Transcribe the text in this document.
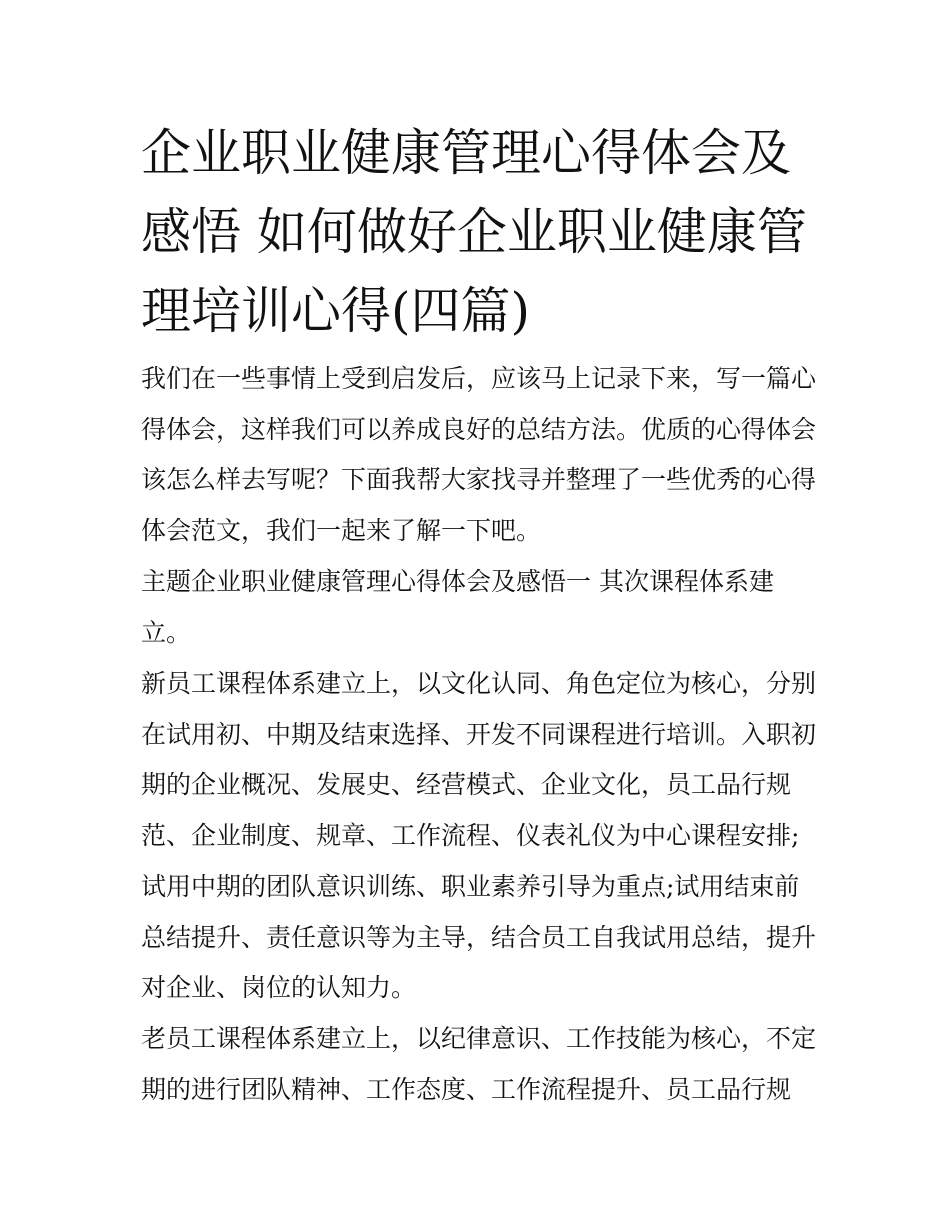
企业职业健康管理心得体会及感悟 如何做好企业职业健康管理培训心得(四篇)

我们在一些事情上受到启发后，应该马上记录下来，写一篇心

得体会，这样我们可以养成良好的总结方法。优质的心得体会

该怎么样去写呢？下面我帮大家找寻并整理了一些优秀的心得

体会范文，我们一起来了解一下吧。

主题企业职业健康管理心得体会及感悟一 其次课程体系建

立。

新员工课程体系建立上，以文化认同、角色定位为核心，分别

在试用初、中期及结束选择、开发不同课程进行培训。入职初

期的企业概况、发展史、经营模式、企业文化，员工品行规

范、企业制度、规章、工作流程、仪表礼仪为中心课程安排;

试用中期的团队意识训练、职业素养引导为重点;试用结束前

总结提升、责任意识等为主导，结合员工自我试用总结，提升

对企业、岗位的认知力。

老员工课程体系建立上，以纪律意识、工作技能为核心，不定

期的进行团队精神、工作态度、工作流程提升、员工品行规
